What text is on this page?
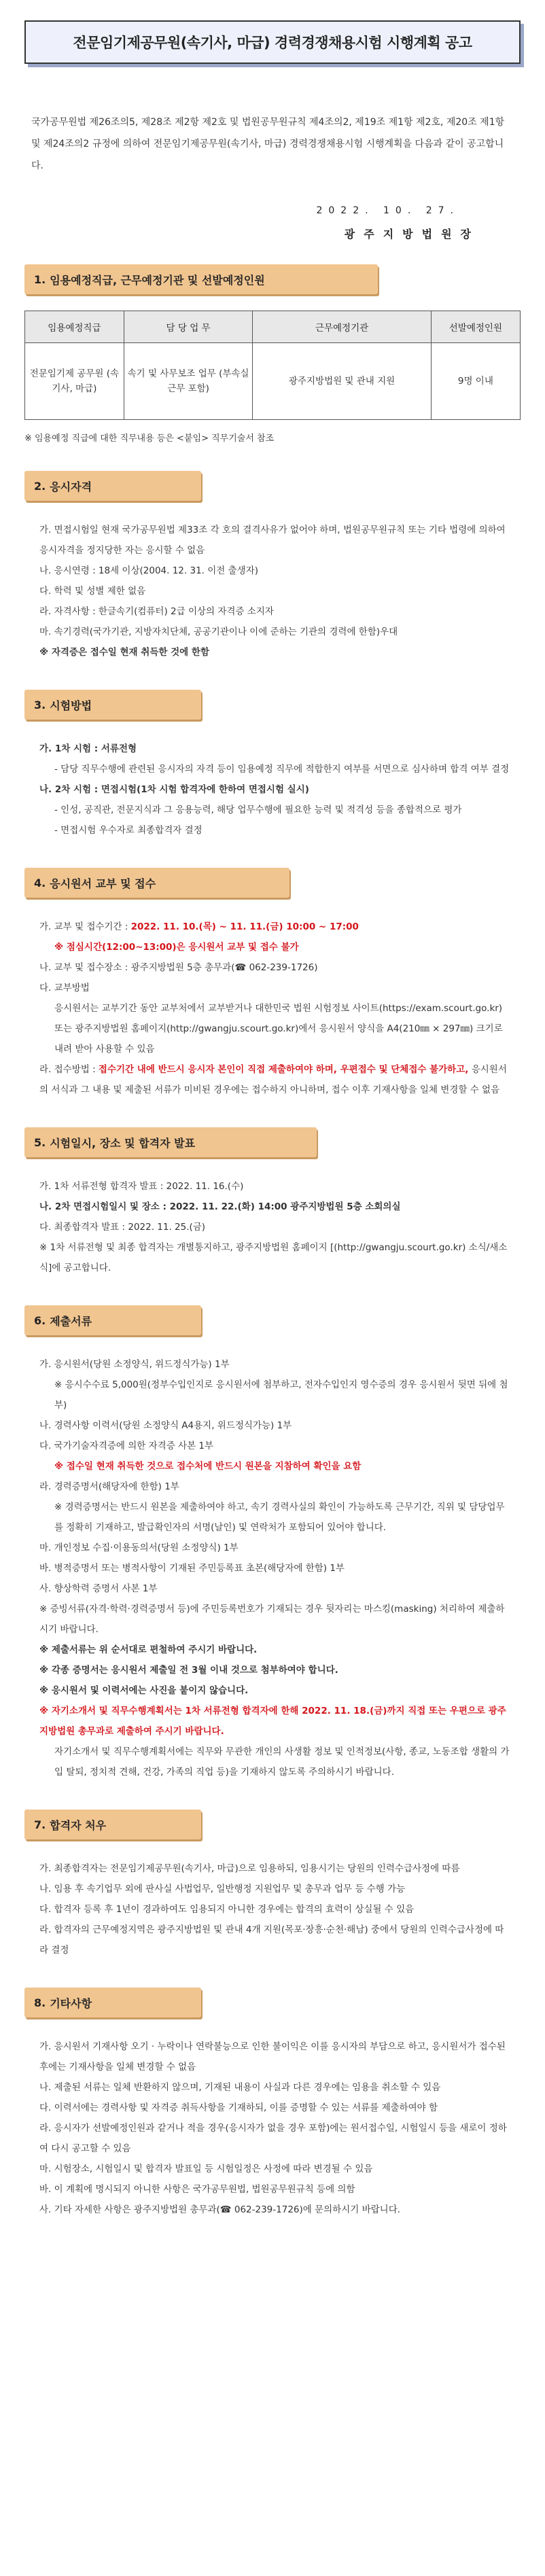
전문임기제공무원(속기사, 마급) 경력경쟁채용시험 시행계획 공고

국가공무원법 제26조의5, 제28조 제2항 제2호 및 법원공무원규칙 제4조의2, 제19조 제1항 제2호, 제20조 제1항 및 제24조의2 규정에 의하여 전문임기제공무원(속기사, 마급) 경력경쟁채용시험 시행계획을 다음과 같이 공고합니다.

2022. 10. 27.
광주지방법원장
1. 임용예정직급, 근무예정기관 및 선발예정인원
임용예정직급	담 당 업 무	근무예정기관	선발예정인원
전문임기제 공무원 (속기사, 마급)	속기 및 사무보조 업무 (부속실 근무 포함)	광주지방법원 및 관내 지원	9명 이내
※ 임용예정 직급에 대한 직무내용 등은 <붙임> 직무기술서 참조
2. 응시자격

가. 면접시험일 현재 국가공무원법 제33조 각 호의 결격사유가 없어야 하며, 법원공무원규칙 또는 기타 법령에 의하여 응시자격을 정지당한 자는 응시할 수 없음

나. 응시연령 : 18세 이상(2004. 12. 31. 이전 출생자)

다. 학력 및 성별 제한 없음

라. 자격사항 : 한글속기(컴퓨터) 2급 이상의 자격증 소지자

마. 속기경력(국가기관, 지방자치단체, 공공기관이나 이에 준하는 기관의 경력에 한함)우대

※ 자격증은 접수일 현재 취득한 것에 한함

3. 시험방법

가. 1차 시험 : 서류전형

- 담당 직무수행에 관련된 응시자의 자격 등이 임용예정 직무에 적합한지 여부를 서면으로 심사하며 합격 여부 결정

나. 2차 시험 : 면접시험(1차 시험 합격자에 한하여 면접시험 실시)

- 인성, 공직관, 전문지식과 그 응용능력, 해당 업무수행에 필요한 능력 및 적격성 등을 종합적으로 평가

- 면접시험 우수자로 최종합격자 결정

4. 응시원서 교부 및 접수

가. 교부 및 접수기간 : 2022. 11. 10.(목) ~ 11. 11.(금) 10:00 ~ 17:00

※ 점심시간(12:00~13:00)은 응시원서 교부 및 접수 불가

나. 교부 및 접수장소 : 광주지방법원 5층 총무과(☎ 062-239-1726)

다. 교부방법

응시원서는 교부기간 동안 교부처에서 교부받거나 대한민국 법원 시험정보 사이트(https://exam.scourt.go.kr) 또는 광주지방법원 홈페이지(http://gwangju.scourt.go.kr)에서 응시원서 양식을 A4(210㎜ × 297㎜) 크기로 내려 받아 사용할 수 있음

라. 접수방법 : 접수기간 내에 반드시 응시자 본인이 직접 제출하여야 하며, 우편접수 및 단체접수 불가하고, 응시원서의 서식과 그 내용 및 제출된 서류가 미비된 경우에는 접수하지 아니하며, 접수 이후 기재사항을 일체 변경할 수 없음

5. 시험일시, 장소 및 합격자 발표

가. 1차 서류전형 합격자 발표 : 2022. 11. 16.(수)

나. 2차 면접시험일시 및 장소 : 2022. 11. 22.(화) 14:00 광주지방법원 5층 소회의실

다. 최종합격자 발표 : 2022. 11. 25.(금)

※ 1차 서류전형 및 최종 합격자는 개별통지하고, 광주지방법원 홈페이지 [(http://gwangju.scourt.go.kr) 소식/새소식]에 공고합니다.

6. 제출서류

가. 응시원서(당원 소정양식, 위드정식가능) 1부

※ 응시수수료 5,000원(정부수입인지로 응시원서에 첨부하고, 전자수입인지 영수증의 경우 응시원서 뒷면 뒤에 첨부)

나. 경력사항 이력서(당원 소정양식 A4용지, 위드정식가능) 1부

다. 국가기술자격증에 의한 자격증 사본 1부

※ 접수일 현재 취득한 것으로 접수처에 반드시 원본을 지참하여 확인을 요함

라. 경력증명서(해당자에 한함) 1부

※ 경력증명서는 반드시 원본을 제출하여야 하고, 속기 경력사실의 확인이 가능하도록 근무기간, 직위 및 담당업무를 정확히 기재하고, 발급확인자의 서명(날인) 및 연락처가 포함되어 있어야 합니다.

마. 개인정보 수집·이용동의서(당원 소정양식) 1부

바. 병적증명서 또는 병적사항이 기재된 주민등록표 초본(해당자에 한함) 1부

사. 향상학력 증명서 사본 1부

※ 증빙서류(자격·학력·경력증명서 등)에 주민등록번호가 기재되는 경우 뒷자리는 마스킹(masking) 처리하여 제출하시기 바랍니다.

※ 제출서류는 위 순서대로 편철하여 주시기 바랍니다.

※ 각종 증명서는 응시원서 제출일 전 3월 이내 것으로 첨부하여야 합니다.

※ 응시원서 및 이력서에는 사진을 붙이지 않습니다.

※ 자기소개서 및 직무수행계획서는 1차 서류전형 합격자에 한해 2022. 11. 18.(금)까지 직접 또는 우편으로 광주지방법원 총무과로 제출하여 주시기 바랍니다.

자기소개서 및 직무수행계획서에는 직무와 무관한 개인의 사생활 정보 및 인적정보(사항, 종교, 노동조합 생활의 가입 탈퇴, 정치적 견해, 건강, 가족의 직업 등)을 기재하지 않도록 주의하시기 바랍니다.

7. 합격자 처우

가. 최종합격자는 전문임기제공무원(속기사, 마급)으로 임용하되, 임용시기는 당원의 인력수급사정에 따름

나. 임용 후 속기업무 외에 판사실 사법업무, 일반행정 지원업무 및 총무과 업무 등 수행 가능

다. 합격자 등록 후 1년이 경과하여도 임용되지 아니한 경우에는 합격의 효력이 상실될 수 있음

라. 합격자의 근무예정지역은 광주지방법원 및 관내 4개 지원(목포·장흥·순천·해남) 중에서 당원의 인력수급사정에 따라 결정

8. 기타사항

가. 응시원서 기재사항 오기 · 누락이나 연락불능으로 인한 불이익은 이를 응시자의 부담으로 하고, 응시원서가 접수된 후에는 기재사항을 일체 변경할 수 없음

나. 제출된 서류는 일체 반환하지 않으며, 기재된 내용이 사실과 다른 경우에는 임용을 취소할 수 있음

다. 이력서에는 경력사항 및 자격증 취득사항을 기재하되, 이를 증명할 수 있는 서류를 제출하여야 함

라. 응시자가 선발예정인원과 같거나 적을 경우(응시자가 없을 경우 포함)에는 원서접수일, 시험일시 등을 새로이 정하여 다시 공고할 수 있음

마. 시험장소, 시험일시 및 합격자 발표일 등 시험일정은 사정에 따라 변경될 수 있음

바. 이 계획에 명시되지 아니한 사항은 국가공무원법, 법원공무원규칙 등에 의함

사. 기타 자세한 사항은 광주지방법원 총무과(☎ 062-239-1726)에 문의하시기 바랍니다.
